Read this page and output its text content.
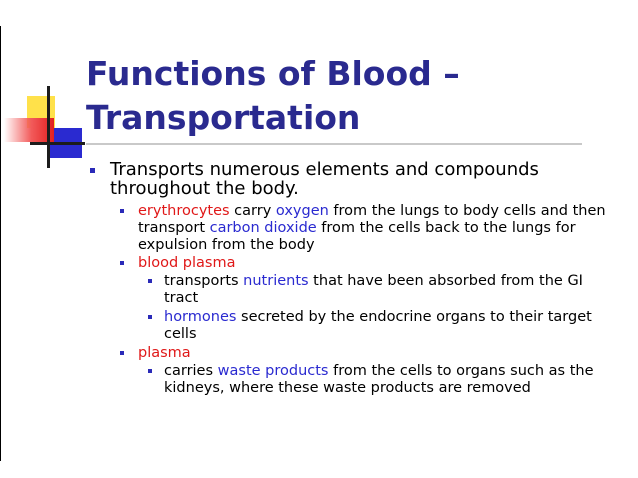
Functions of Blood –
Transportation
Transports numerous elements and compounds throughout the body.
erythrocytes carry oxygen from the lungs to body cells and then transport carbon dioxide from the cells back to the lungs for expulsion from the body
blood plasma
transports nutrients that have been absorbed from the GI tract
hormones secreted by the endocrine organs to their target cells
plasma
carries waste products from the cells to organs such as the kidneys, where these waste products are removed
